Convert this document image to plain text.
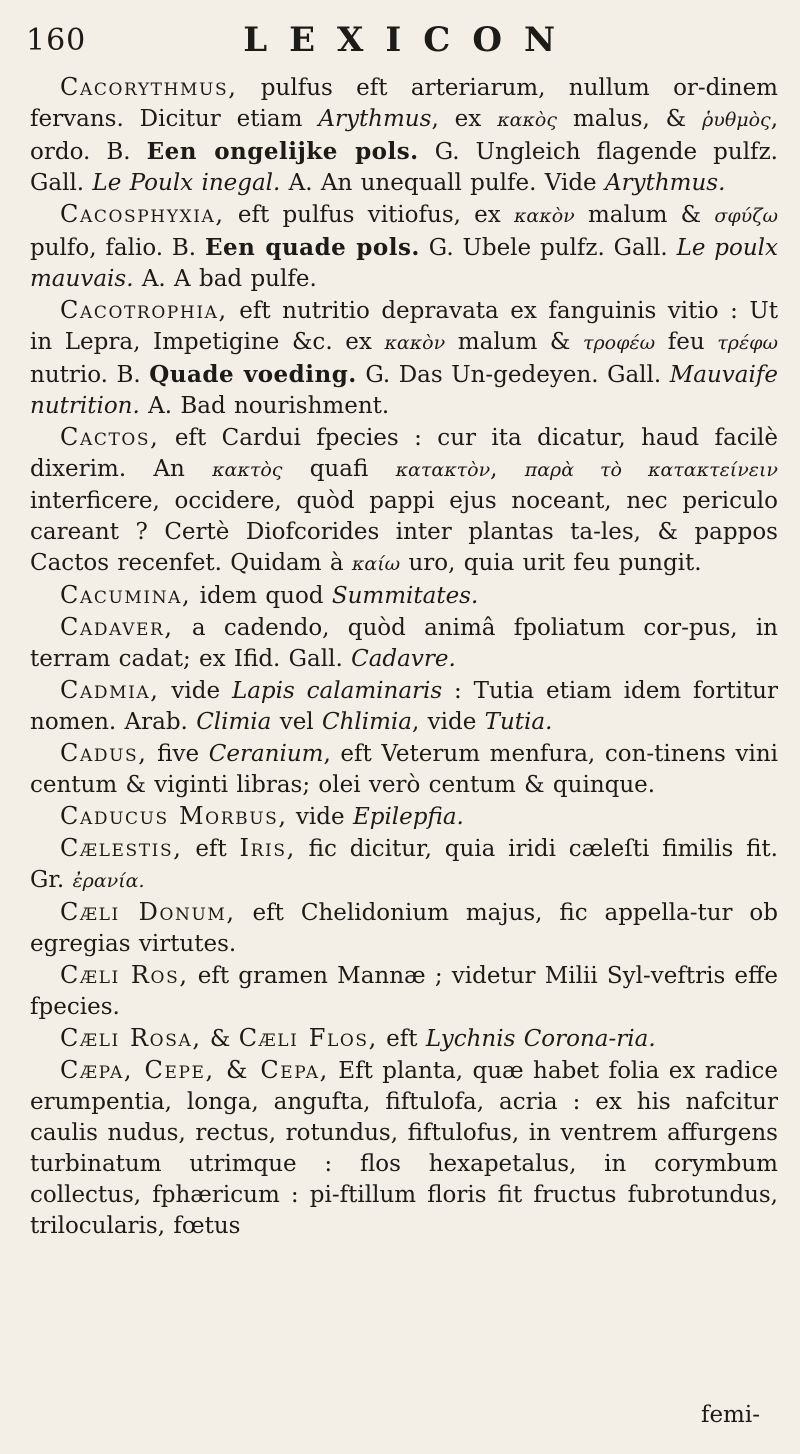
160	LEXICON

Cacorythmus, pulfus eft arteriarum, nullum or-dinem fervans. Dicitur etiam Arythmus, ex κακὸς malus, & ῥυθμὸς, ordo. B. Een ongelijke pols. G. Ungleich flagende pulfz. Gall. Le Poulx inegal. A. An unequall pulfe. Vide Arythmus.

Cacosphyxia, eft pulfus vitiofus, ex κακὸν malum & σφύζω pulfo, falio. B. Een quade pols. G. Ubele pulfz. Gall. Le poulx mauvais. A. A bad pulfe.

Cacotrophia, eft nutritio depravata ex fanguinis vitio : Ut in Lepra, Impetigine &c. ex κακὸν malum & τροφέω feu τρέφω nutrio. B. Quade voeding. G. Das Un-gedeyen. Gall. Mauvaife nutrition. A. Bad nourishment.

Cactos, eft Cardui fpecies : cur ita dicatur, haud facilè dixerim. An κακτὸς quafi κατακτὸν, παρὰ τὸ κατακτείνειν interficere, occidere, quòd pappi ejus noceant, nec periculo careant ? Certè Diofcorides inter plantas ta-les, & pappos Cactos recenfet. Quidam à καίω uro, quia urit feu pungit.

Cacumina, idem quod Summitates.

Cadaver, a cadendo, quòd animâ fpoliatum cor-pus, in terram cadat; ex Ifid. Gall. Cadavre.

Cadmia, vide Lapis calaminaris : Tutia etiam idem fortitur nomen. Arab. Climia vel Chlimia, vide Tutia.

Cadus, five Ceranium, eft Veterum menfura, con-tinens vini centum & viginti libras; olei verò centum & quinque.

Caducus Morbus, vide Epilepfia.

Cælestis, eft Iris, fic dicitur, quia iridi cæleſti fimilis fit. Gr. ἐρανία.

Cæli Donum, eft Chelidonium majus, fic appella-tur ob egregias virtutes.

Cæli Ros, eft gramen Mannæ ; videtur Milii Syl-veftris effe fpecies.

Cæli Rosa, & Cæli Flos, eft Lychnis Corona-ria.

Cæpa, Cepe, & Cepa, Eft planta, quæ habet folia ex radice erumpentia, longa, angufta, fiftulofa, acria : ex his nafcitur caulis nudus, rectus, rotundus, fiftulofus, in ventrem affurgens turbinatum utrimque : flos hexapetalus, in corymbum collectus, fphæricum : pi-ftillum floris fit fructus fubrotundus, trilocularis, fœtus

femi-
